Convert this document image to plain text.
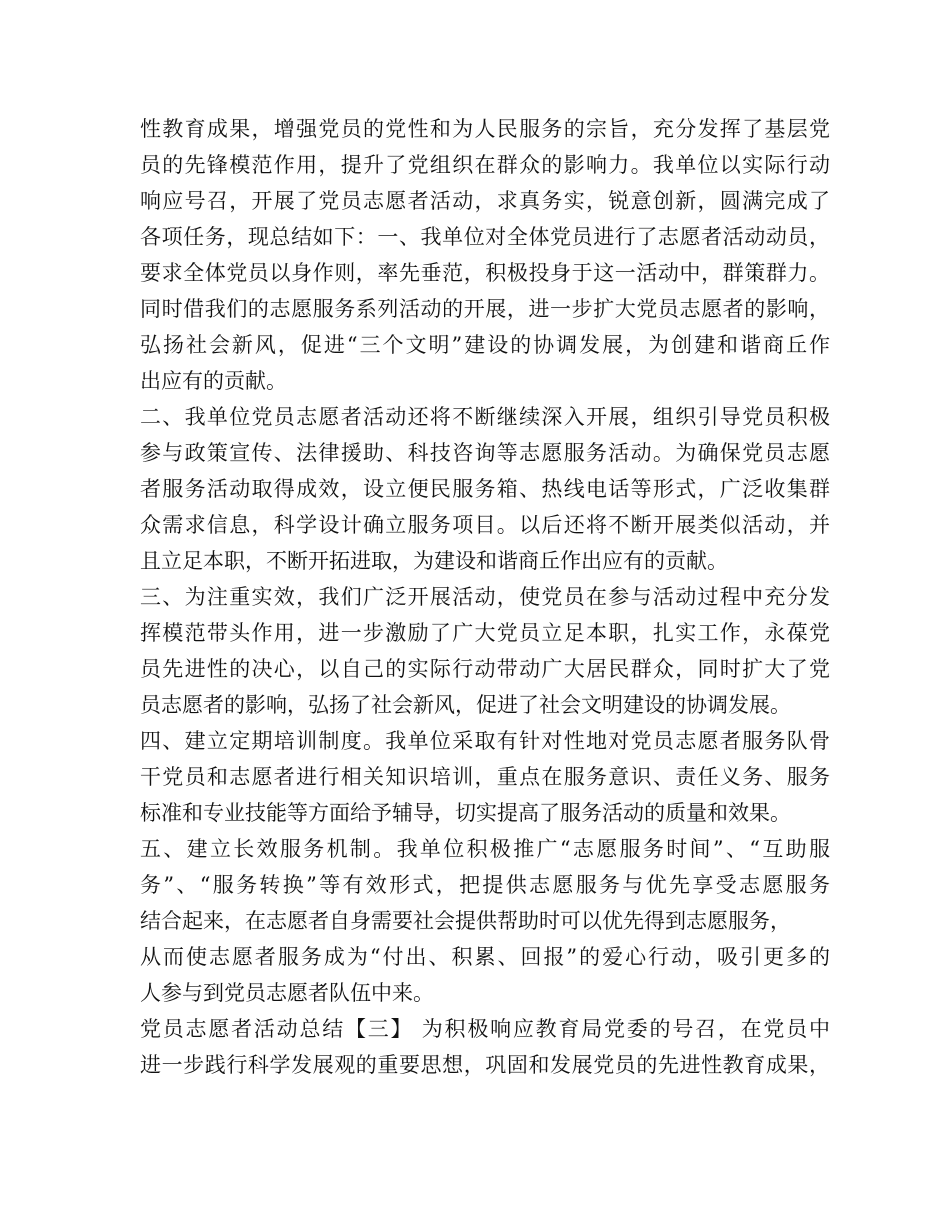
性教育成果，增强党员的党性和为人民服务的宗旨，充分发挥了基层党
员的先锋模范作用，提升了党组织在群众的影响力。我单位以实际行动
响应号召，开展了党员志愿者活动，求真务实，锐意创新，圆满完成了
各项任务，现总结如下：一、我单位对全体党员进行了志愿者活动动员，
要求全体党员以身作则，率先垂范，积极投身于这一活动中，群策群力。
同时借我们的志愿服务系列活动的开展，进一步扩大党员志愿者的影响，
弘扬社会新风，促进“三个文明”建设的协调发展，为创建和谐商丘作
出应有的贡献。
二、我单位党员志愿者活动还将不断继续深入开展，组织引导党员积极
参与政策宣传、法律援助、科技咨询等志愿服务活动。为确保党员志愿
者服务活动取得成效，设立便民服务箱、热线电话等形式，广泛收集群
众需求信息，科学设计确立服务项目。以后还将不断开展类似活动，并
且立足本职，不断开拓进取，为建设和谐商丘作出应有的贡献。
三、为注重实效，我们广泛开展活动，使党员在参与活动过程中充分发
挥模范带头作用，进一步激励了广大党员立足本职，扎实工作，永葆党
员先进性的决心，以自己的实际行动带动广大居民群众，同时扩大了党
员志愿者的影响，弘扬了社会新风，促进了社会文明建设的协调发展。
四、建立定期培训制度。我单位采取有针对性地对党员志愿者服务队骨
干党员和志愿者进行相关知识培训，重点在服务意识、责任义务、服务
标准和专业技能等方面给予辅导，切实提高了服务活动的质量和效果。
五、建立长效服务机制。我单位积极推广“志愿服务时间”、“互助服
务”、“服务转换”等有效形式，把提供志愿服务与优先享受志愿服务
结合起来，在志愿者自身需要社会提供帮助时可以优先得到志愿服务，
从而使志愿者服务成为“付出、积累、回报”的爱心行动，吸引更多的
人参与到党员志愿者队伍中来。
党员志愿者活动总结【三】 为积极响应教育局党委的号召，在党员中
进一步践行科学发展观的重要思想，巩固和发展党员的先进性教育成果，
